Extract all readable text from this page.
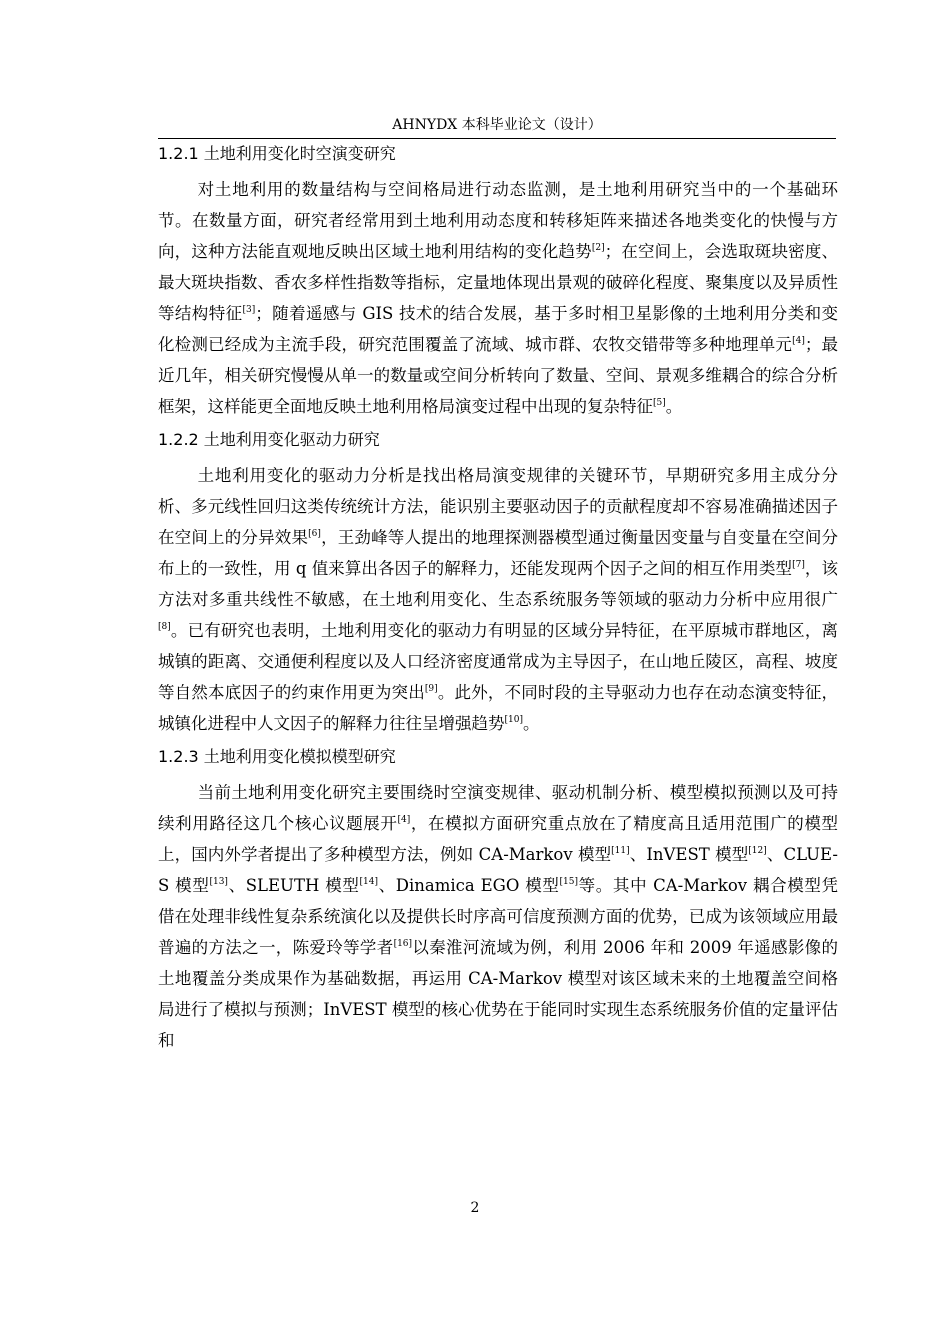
AHNYDX 本科毕业论文（设计）
1.2.1 土地利用变化时空演变研究

对土地利用的数量结构与空间格局进行动态监测，是土地利用研究当中的一个基础环节。在数量方面，研究者经常用到土地利用动态度和转移矩阵来描述各地类变化的快慢与方向，这种方法能直观地反映出区域土地利用结构的变化趋势[2]；在空间上，会选取斑块密度、最大斑块指数、香农多样性指数等指标，定量地体现出景观的破碎化程度、聚集度以及异质性等结构特征[3]；随着遥感与 GIS 技术的结合发展，基于多时相卫星影像的土地利用分类和变化检测已经成为主流手段，研究范围覆盖了流域、城市群、农牧交错带等多种地理单元[4]；最近几年，相关研究慢慢从单一的数量或空间分析转向了数量、空间、景观多维耦合的综合分析框架，这样能更全面地反映土地利用格局演变过程中出现的复杂特征[5]。

1.2.2 土地利用变化驱动力研究

土地利用变化的驱动力分析是找出格局演变规律的关键环节，早期研究多用主成分分析、多元线性回归这类传统统计方法，能识别主要驱动因子的贡献程度却不容易准确描述因子在空间上的分异效果[6]，王劲峰等人提出的地理探测器模型通过衡量因变量与自变量在空间分布上的一致性，用 q 值来算出各因子的解释力，还能发现两个因子之间的相互作用类型[7]，该方法对多重共线性不敏感，在土地利用变化、生态系统服务等领域的驱动力分析中应用很广[8]。已有研究也表明，土地利用变化的驱动力有明显的区域分异特征，在平原城市群地区，离城镇的距离、交通便利程度以及人口经济密度通常成为主导因子，在山地丘陵区，高程、坡度等自然本底因子的约束作用更为突出[9]。此外，不同时段的主导驱动力也存在动态演变特征，城镇化进程中人文因子的解释力往往呈增强趋势[10]。

1.2.3 土地利用变化模拟模型研究

当前土地利用变化研究主要围绕时空演变规律、驱动机制分析、模型模拟预测以及可持续利用路径这几个核心议题展开[4]，在模拟方面研究重点放在了精度高且适用范围广的模型上，国内外学者提出了多种模型方法，例如 CA-Markov 模型[11]、InVEST 模型[12]、CLUE-S 模型[13]、SLEUTH 模型[14]、Dinamica EGO 模型[15]等。其中 CA-Markov 耦合模型凭借在处理非线性复杂系统演化以及提供长时序高可信度预测方面的优势，已成为该领域应用最普遍的方法之一，陈爱玲等学者[16]以秦淮河流域为例，利用 2006 年和 2009 年遥感影像的土地覆盖分类成果作为基础数据，再运用 CA-Markov 模型对该区域未来的土地覆盖空间格局进行了模拟与预测；InVEST 模型的核心优势在于能同时实现生态系统服务价值的定量评估和

2
